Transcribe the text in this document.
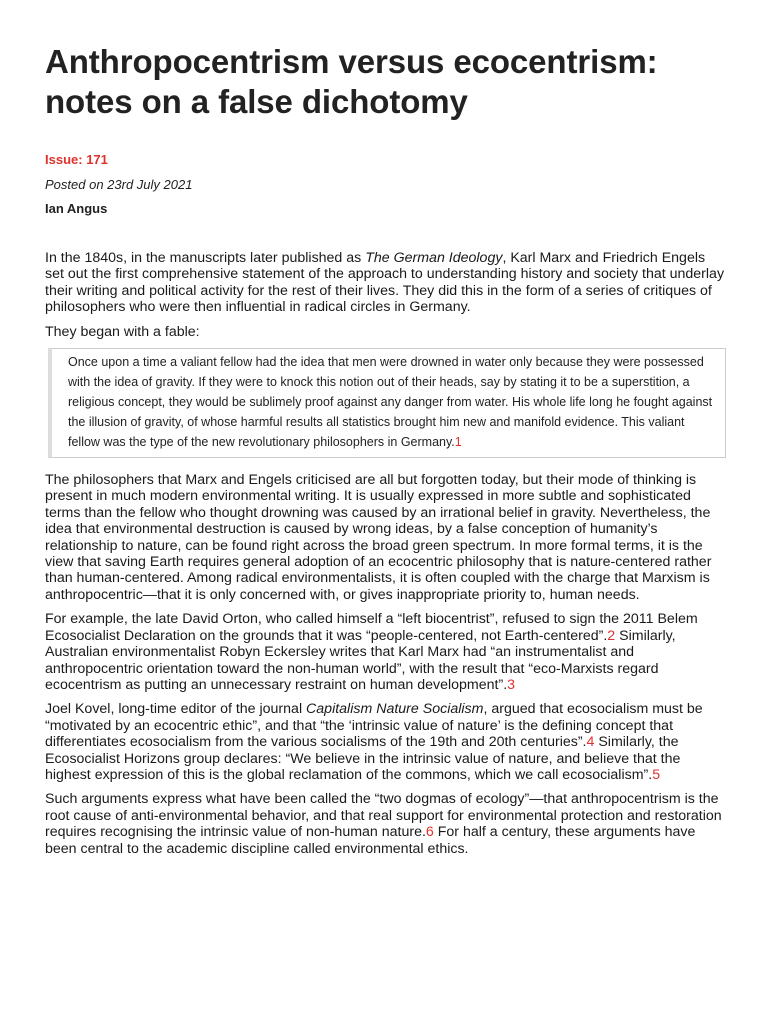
Anthropocentrism versus ecocentrism: notes on a false dichotomy
Issue: 171
Posted on 23rd July 2021
Ian Angus

In the 1840s, in the manuscripts later published as The German Ideology, Karl Marx and Friedrich Engels set out the first comprehensive statement of the approach to understanding history and society that underlay their writing and political activity for the rest of their lives. They did this in the form of a series of critiques of philosophers who were then influential in radical circles in Germany.

They began with a fable:

Once upon a time a valiant fellow had the idea that men were drowned in water only because they were possessed with the idea of gravity. If they were to knock this notion out of their heads, say by stating it to be a superstition, a religious concept, they would be sublimely proof against any danger from water. His whole life long he fought against the illusion of gravity, of whose harmful results all statistics brought him new and manifold evidence. This valiant fellow was the type of the new revolutionary philosophers in Germany.1

The philosophers that Marx and Engels criticised are all but forgotten today, but their mode of thinking is present in much modern environmental writing. It is usually expressed in more subtle and sophisticated terms than the fellow who thought drowning was caused by an irrational belief in gravity. Nevertheless, the idea that environmental destruction is caused by wrong ideas, by a false conception of humanity’s relationship to nature, can be found right across the broad green spectrum. In more formal terms, it is the view that saving Earth requires general adoption of an ecocentric philosophy that is nature-centered rather than human-centered. Among radical environmentalists, it is often coupled with the charge that Marxism is anthropocentric—that it is only concerned with, or gives inappropriate priority to, human needs.

For example, the late David Orton, who called himself a “left biocentrist”, refused to sign the 2011 Belem Ecosocialist Declaration on the grounds that it was “people-centered, not Earth-centered”.2 Similarly, Australian environmentalist Robyn Eckersley writes that Karl Marx had “an instrumentalist and anthropocentric orientation toward the non-human world”, with the result that “eco-Marxists regard ecocentrism as putting an unnecessary restraint on human development”.3

Joel Kovel, long-time editor of the journal Capitalism Nature Socialism, argued that ecosocialism must be “motivated by an ecocentric ethic”, and that “the ‘intrinsic value of nature’ is the defining concept that differentiates ecosocialism from the various socialisms of the 19th and 20th centuries”.4 Similarly, the Ecosocialist Horizons group declares: “We believe in the intrinsic value of nature, and believe that the highest expression of this is the global reclamation of the commons, which we call ecosocialism”.5

Such arguments express what have been called the “two dogmas of ecology”—that anthropocentrism is the root cause of anti-environmental behavior, and that real support for environmental protection and restoration requires recognising the intrinsic value of non-human nature.6 For half a century, these arguments have been central to the academic discipline called environmental ethics.
